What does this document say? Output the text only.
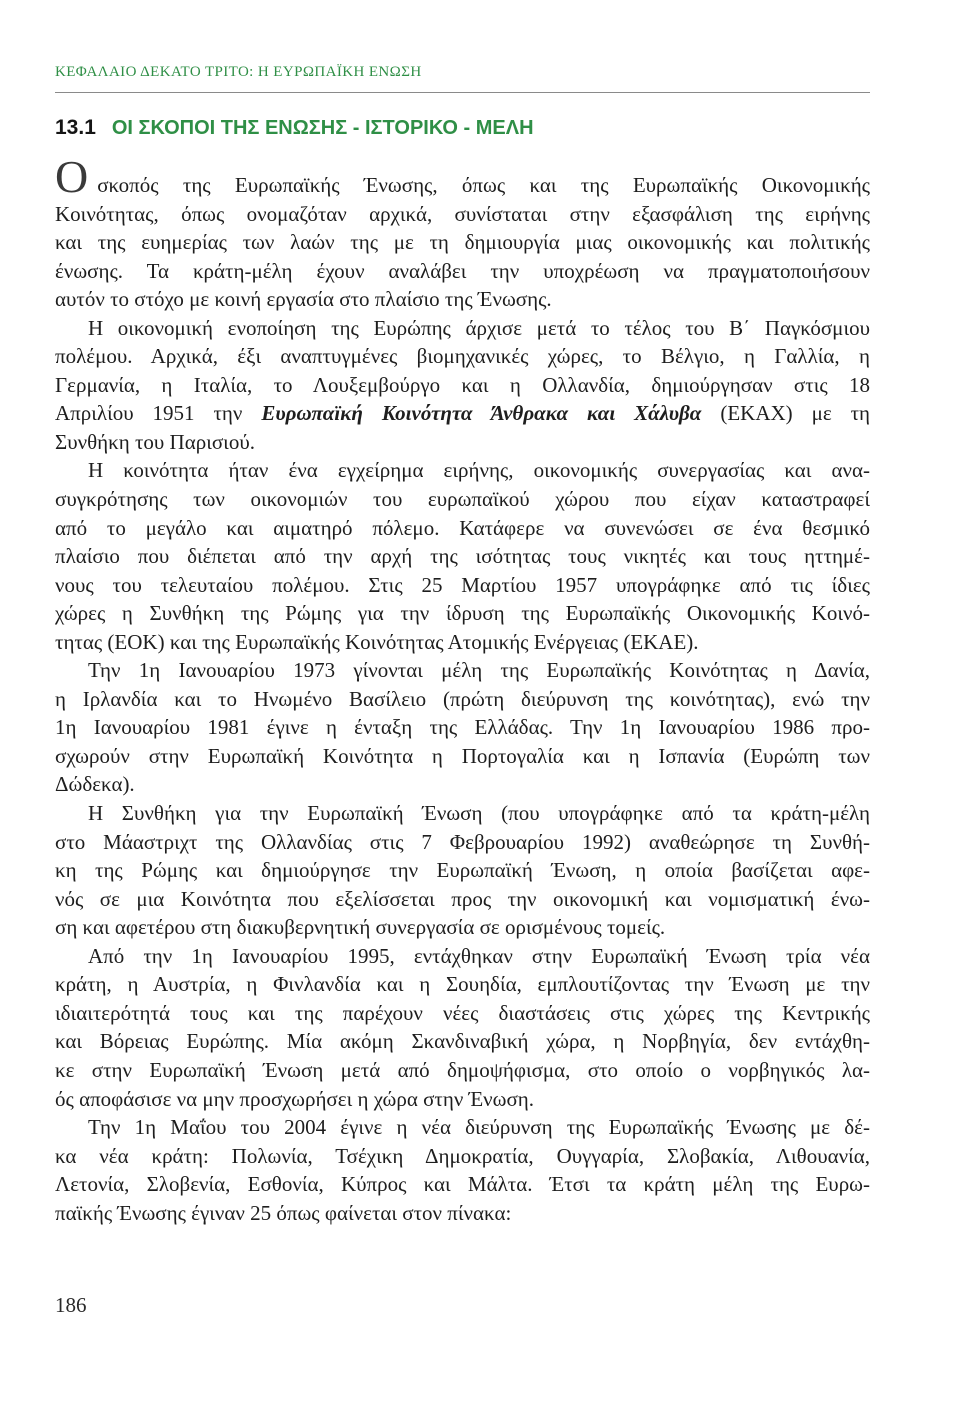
ΚΕΦΑΛΑΙΟ ΔΕΚΑΤΟ ΤΡΙΤΟ: Η ΕΥΡΩΠΑΪΚΗ ΕΝΩΣΗ
13.1 ΟΙ ΣΚΟΠΟΙ ΤΗΣ ΕΝΩΣΗΣ - ΙΣΤΟΡΙΚΟ - ΜΕΛΗ
Οσκοπός της Ευρωπαϊκής Ένωσης, όπως και της Ευρωπαϊκής Οικονομικής
Κοινότητας, όπως ονομαζόταν αρχικά, συνίσταται στην εξασφάλιση της ειρήνης
και της ευημερίας των λαών της με τη δημιουργία μιας οικονομικής και πολιτικής
ένωσης. Τα κράτη-μέλη έχουν αναλάβει την υποχρέωση να πραγματοποιήσουν
αυτόν το στόχο με κοινή εργασία στο πλαίσιο της Ένωσης.
Η οικονομική ενοποίηση της Ευρώπης άρχισε μετά το τέλος του Β΄ Παγκόσμιου
πολέμου. Αρχικά, έξι αναπτυγμένες βιομηχανικές χώρες, το Βέλγιο, η Γαλλία, η
Γερμανία, η Ιταλία, το Λουξεμβούργο και η Ολλανδία, δημιούργησαν στις 18
Απριλίου 1951 την Ευρωπαϊκή Κοινότητα Άνθρακα και Χάλυβα (ΕΚΑΧ) με τη
Συνθήκη του Παρισιού.
Η κοινότητα ήταν ένα εγχείρημα ειρήνης, οικονομικής συνεργασίας και ανα-
συγκρότησης των οικονομιών του ευρωπαϊκού χώρου που είχαν καταστραφεί
από το μεγάλο και αιματηρό πόλεμο. Κατάφερε να συνενώσει σε ένα θεσμικό
πλαίσιο που διέπεται από την αρχή της ισότητας τους νικητές και τους ηττημέ-
νους του τελευταίου πολέμου. Στις 25 Μαρτίου 1957 υπογράφηκε από τις ίδιες
χώρες η Συνθήκη της Ρώμης για την ίδρυση της Ευρωπαϊκής Οικονομικής Κοινό-
τητας (ΕΟΚ) και της Ευρωπαϊκής Κοινότητας Ατομικής Ενέργειας (ΕΚΑΕ).
Την 1η Ιανουαρίου 1973 γίνονται μέλη της Ευρωπαϊκής Κοινότητας η Δανία,
η Ιρλανδία και το Ηνωμένο Βασίλειο (πρώτη διεύρυνση της κοινότητας), ενώ την
1η Ιανουαρίου 1981 έγινε η ένταξη της Ελλάδας. Την 1η Ιανουαρίου 1986 προ-
σχωρούν στην Ευρωπαϊκή Κοινότητα η Πορτογαλία και η Ισπανία (Ευρώπη των
Δώδεκα).
Η Συνθήκη για την Ευρωπαϊκή Ένωση (που υπογράφηκε από τα κράτη-μέλη
στο Μάαστριχτ της Ολλανδίας στις 7 Φεβρουαρίου 1992) αναθεώρησε τη Συνθή-
κη της Ρώμης και δημιούργησε την Ευρωπαϊκή Ένωση, η οποία βασίζεται αφε-
νός σε μια Κοινότητα που εξελίσσεται προς την οικονομική και νομισματική ένω-
ση και αφετέρου στη διακυβερνητική συνεργασία σε ορισμένους τομείς.
Από την 1η Ιανουαρίου 1995, εντάχθηκαν στην Ευρωπαϊκή Ένωση τρία νέα
κράτη, η Αυστρία, η Φινλανδία και η Σουηδία, εμπλουτίζοντας την Ένωση με την
ιδιαιτερότητά τους και της παρέχουν νέες διαστάσεις στις χώρες της Κεντρικής
και Βόρειας Ευρώπης. Μία ακόμη Σκανδιναβική χώρα, η Νορβηγία, δεν εντάχθη-
κε στην Ευρωπαϊκή Ένωση μετά από δημοψήφισμα, στο οποίο ο νορβηγικός λα-
ός αποφάσισε να μην προσχωρήσει η χώρα στην Ένωση.
Την 1η Μαΐου του 2004 έγινε η νέα διεύρυνση της Ευρωπαϊκής Ένωσης με δέ-
κα νέα κράτη: Πολωνία, Τσέχικη Δημοκρατία, Ουγγαρία, Σλοβακία, Λιθουανία,
Λετονία, Σλοβενία, Εσθονία, Κύπρος και Μάλτα. Έτσι τα κράτη μέλη της Ευρω-
παϊκής Ένωσης έγιναν 25 όπως φαίνεται στον πίνακα:
186
